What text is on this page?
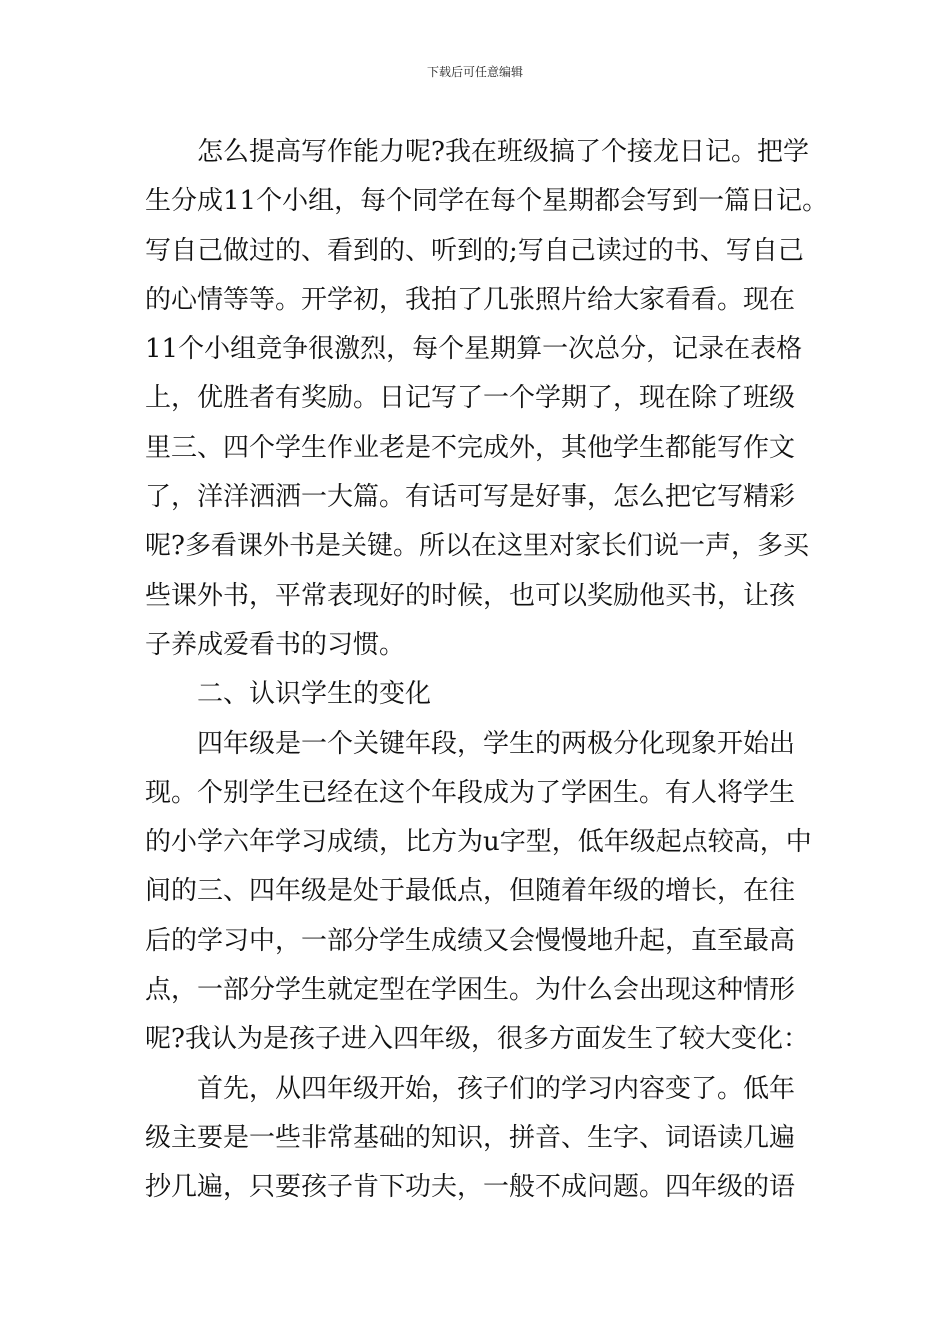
下载后可任意编辑
怎么提高写作能力呢?我在班级搞了个接龙日记。把学
生分成11个小组，每个同学在每个星期都会写到一篇日记。
写自己做过的、看到的、听到的;写自己读过的书、写自己
的心情等等。开学初，我拍了几张照片给大家看看。现在
11个小组竞争很激烈，每个星期算一次总分，记录在表格
上，优胜者有奖励。日记写了一个学期了，现在除了班级
里三、四个学生作业老是不完成外，其他学生都能写作文
了，洋洋洒洒一大篇。有话可写是好事，怎么把它写精彩
呢?多看课外书是关键。所以在这里对家长们说一声，多买
些课外书，平常表现好的时候，也可以奖励他买书，让孩
子养成爱看书的习惯。
二、认识学生的变化
四年级是一个关键年段，学生的两极分化现象开始出
现。个别学生已经在这个年段成为了学困生。有人将学生
的小学六年学习成绩，比方为u字型，低年级起点较高，中
间的三、四年级是处于最低点，但随着年级的增长，在往
后的学习中，一部分学生成绩又会慢慢地升起，直至最高
点，一部分学生就定型在学困生。为什么会出现这种情形
呢?我认为是孩子进入四年级，很多方面发生了较大变化：
首先，从四年级开始，孩子们的学习内容变了。低年
级主要是一些非常基础的知识，拼音、生字、词语读几遍
抄几遍，只要孩子肯下功夫，一般不成问题。四年级的语
